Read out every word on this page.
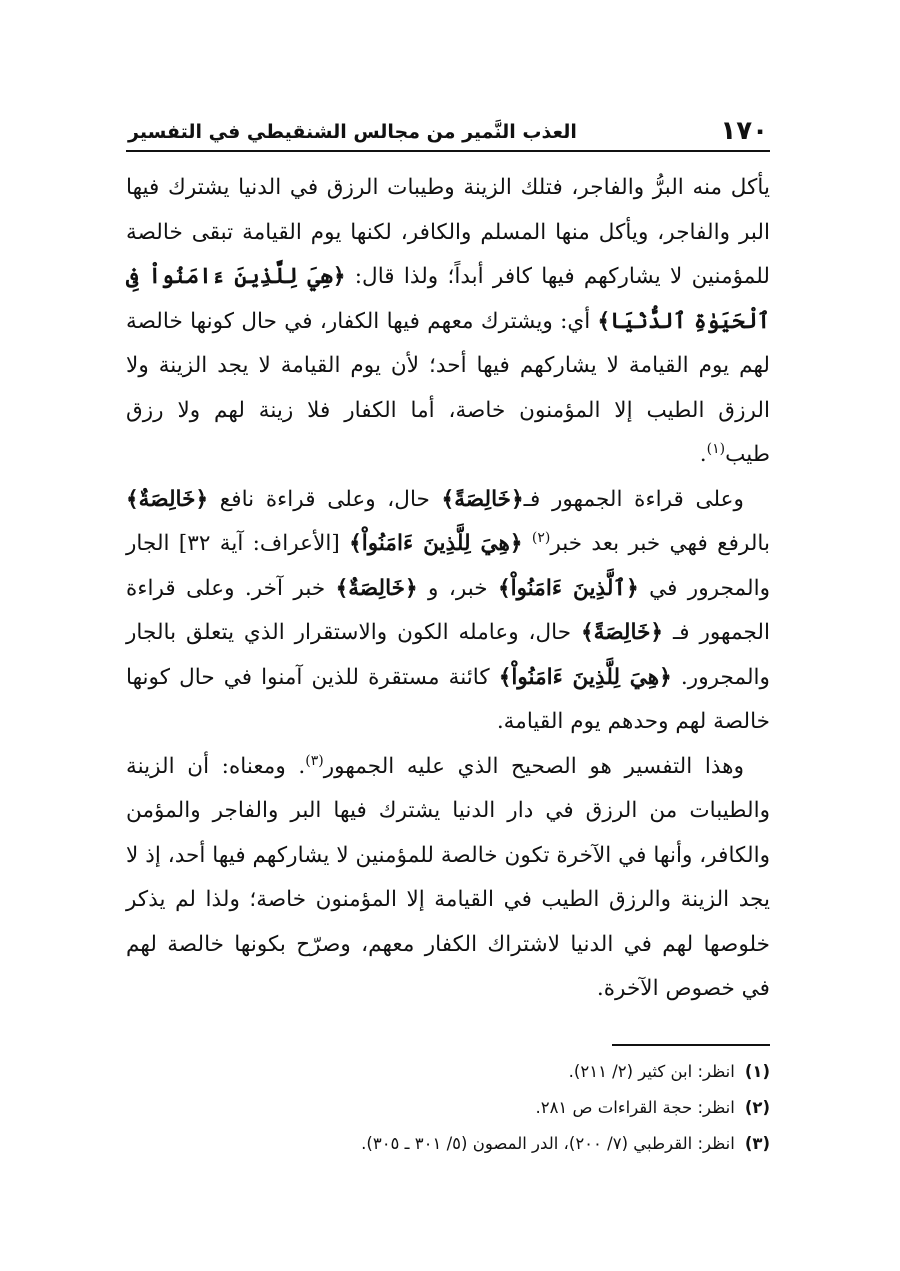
١٧٠
العذب النَّمير من مجالس الشنقيطي في التفسير

يأكل منه البرُّ والفاجر، فتلك الزينة وطيبات الرزق في الدنيا يشترك فيها البر والفاجر، ويأكل منها المسلم والكافر، لكنها يوم القيامة تبقى خالصة للمؤمنين لا يشاركهم فيها كافر أبداً؛ ولذا قال: ﴿هِيَ لِلَّذِينَ ءَامَنُواْ فِى ٱلْحَيَوٰةِ ٱلدُّنْيَا﴾ أي: ويشترك معهم فيها الكفار، في حال كونها خالصة لهم يوم القيامة لا يشاركهم فيها أحد؛ لأن يوم القيامة لا يجد الزينة ولا الرزق الطيب إلا المؤمنون خاصة، أما الكفار فلا زينة لهم ولا رزق طيب$^{(١)}$.

وعلى قراءة الجمهور فـ﴿خَالِصَةً﴾ حال، وعلى قراءة نافع ﴿خَالِصَةٌ﴾ بالرفع فهي خبر بعد خبر$^{(٢)}$ ﴿هِيَ لِلَّذِينَ ءَامَنُواْ﴾ [الأعراف: آية ٣٢] الجار والمجرور في ﴿ٱلَّذِينَ ءَامَنُواْ﴾ خبر، و ﴿خَالِصَةٌ﴾ خبر آخر. وعلى قراءة الجمهور فـ ﴿خَالِصَةً﴾ حال، وعامله الكون والاستقرار الذي يتعلق بالجار والمجرور. ﴿هِيَ لِلَّذِينَ ءَامَنُواْ﴾ كائنة مستقرة للذين آمنوا في حال كونها خالصة لهم وحدهم يوم القيامة.

وهذا التفسير هو الصحيح الذي عليه الجمهور$^{(٣)}$. ومعناه: أن الزينة والطيبات من الرزق في دار الدنيا يشترك فيها البر والفاجر والمؤمن والكافر، وأنها في الآخرة تكون خالصة للمؤمنين لا يشاركهم فيها أحد، إذ لا يجد الزينة والرزق الطيب في القيامة إلا المؤمنون خاصة؛ ولذا لم يذكر خلوصها لهم في الدنيا لاشتراك الكفار معهم، وصرّح بكونها خالصة لهم في خصوص الآخرة.

(١)
انظر: ابن كثير (٢/ ٢١١).

(٢)
انظر: حجة القراءات ص ٢٨١.

(٣)
انظر: القرطبي (٧/ ٢٠٠)، الدر المصون (٥/ ٣٠١ ـ ٣٠٥).
